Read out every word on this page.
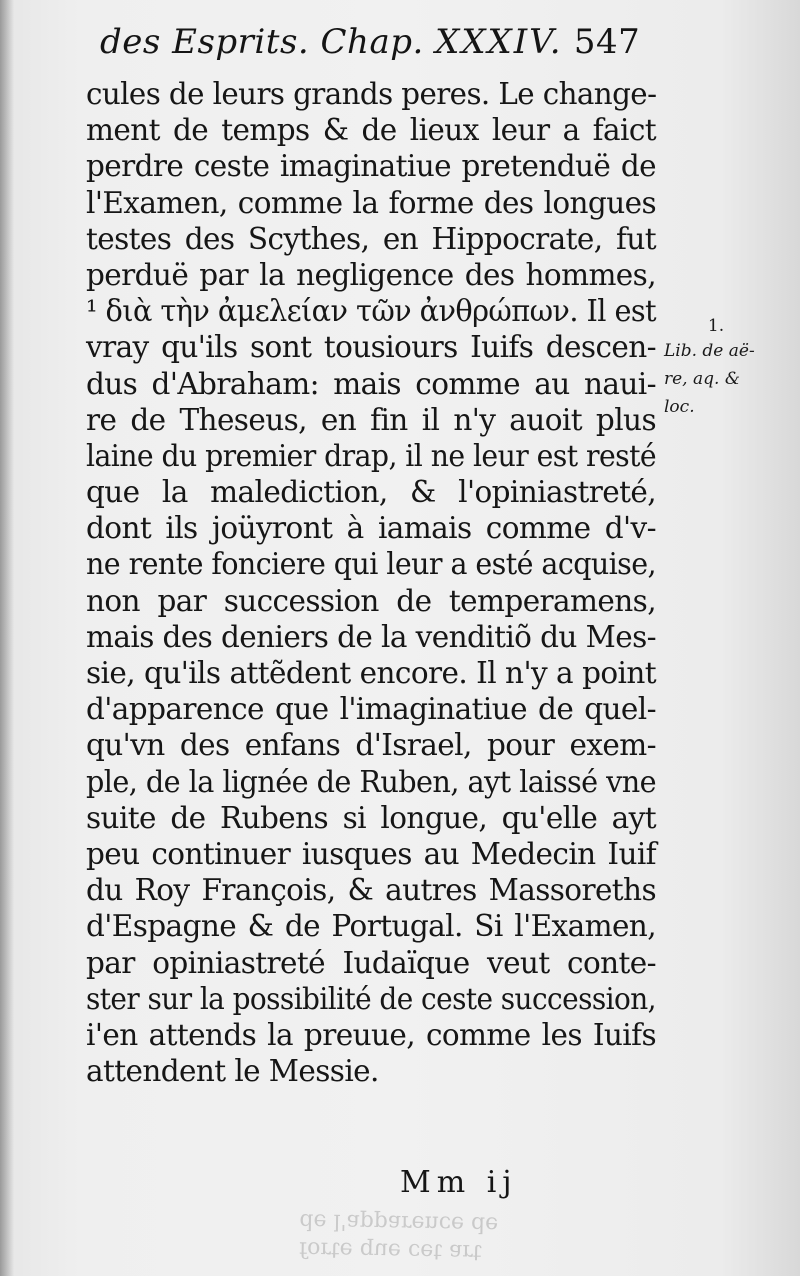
forte que cet art
de l'apparence de
des Esprits. Chap. XXXIV. 547
cules de leurs grands peres. Le change-
ment de temps & de lieux leur a faict
perdre ceste imaginatiue pretenduë de
l'Examen, comme la forme des longues
testes des Scythes, en Hippocrate, fut
perduë par la negligence des hommes,
¹ διὰ τὴν ἀμελείαν τῶν ἀνθρώπων. Il est
vray qu'ils sont tousiours Iuifs descen-
dus d'Abraham: mais comme au naui-
re de Theseus, en fin il n'y auoit plus
laine du premier drap, il ne leur est resté
que la malediction, & l'opiniastreté,
dont ils joüyront à iamais comme d'v-
ne rente fonciere qui leur a esté acquise,
non par succession de temperamens,
mais des deniers de la venditiõ du Mes-
sie, qu'ils attẽdent encore. Il n'y a point
d'apparence que l'imaginatiue de quel-
qu'vn des enfans d'Israel, pour exem-
ple, de la lignée de Ruben, ayt laissé vne
suite de Rubens si longue, qu'elle ayt
peu continuer iusques au Medecin Iuif
du Roy François, & autres Massoreths
d'Espagne & de Portugal. Si l'Examen,
par opiniastreté Iudaïque veut conte-
ster sur la possibilité de ceste succession,
i'en attends la preuue, comme les Iuifs
attendent le Messie.
1.
Lib. de aë-
re, aq. &
loc.
Mm ij
